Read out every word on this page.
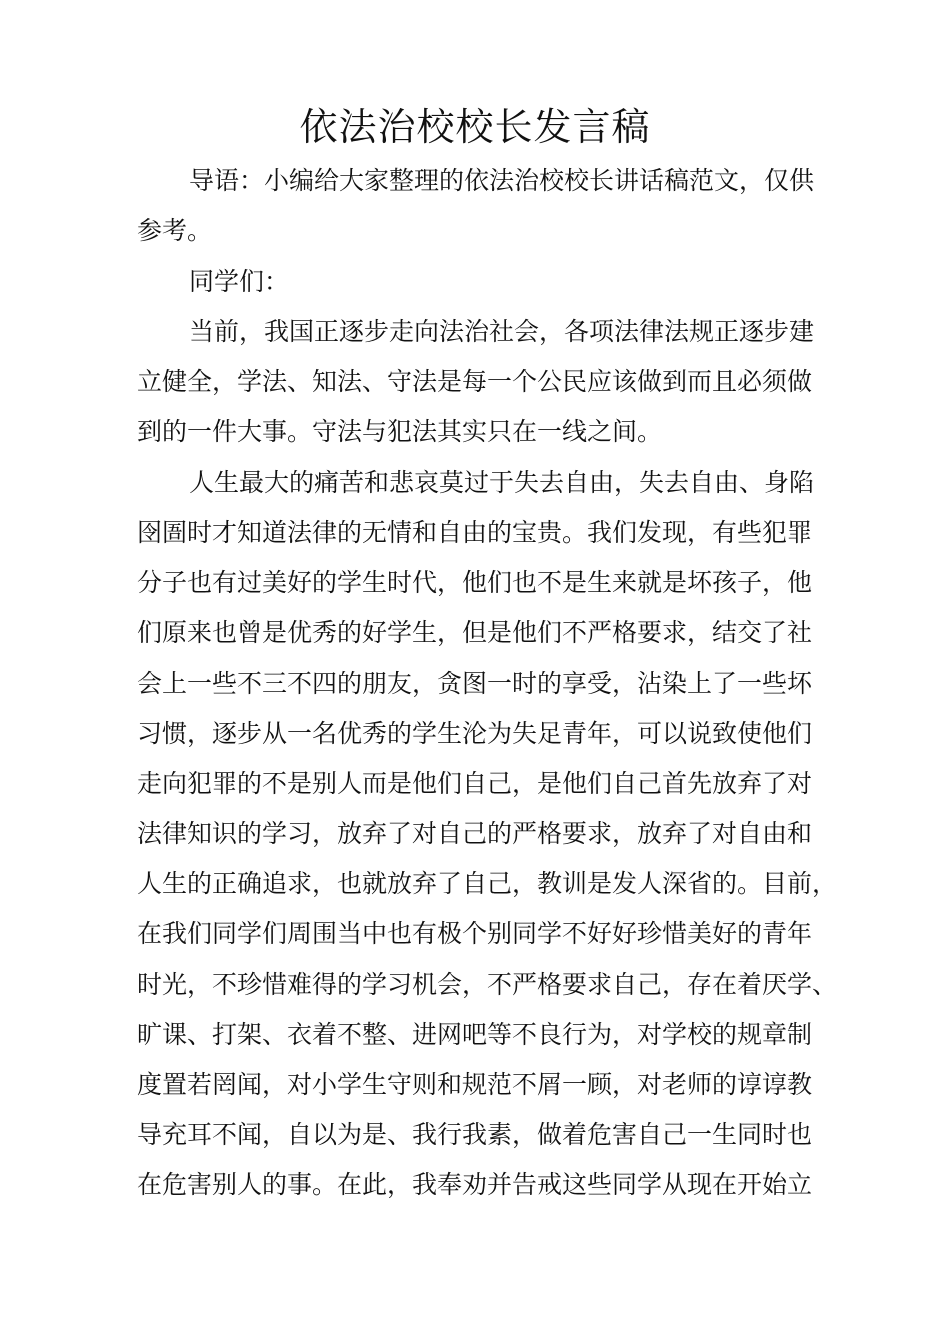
依法治校校长发言稿

导语：小编给大家整理的依法治校校长讲话稿范文，仅供

参考。

同学们：

当前，我国正逐步走向法治社会，各项法律法规正逐步建

立健全，学法、知法、守法是每一个公民应该做到而且必须做

到的一件大事。守法与犯法其实只在一线之间。

人生最大的痛苦和悲哀莫过于失去自由，失去自由、身陷

囹圄时才知道法律的无情和自由的宝贵。我们发现，有些犯罪

分子也有过美好的学生时代，他们也不是生来就是坏孩子，他

们原来也曾是优秀的好学生，但是他们不严格要求，结交了社

会上一些不三不四的朋友，贪图一时的享受，沾染上了一些坏

习惯，逐步从一名优秀的学生沦为失足青年，可以说致使他们

走向犯罪的不是别人而是他们自己，是他们自己首先放弃了对

法律知识的学习，放弃了对自己的严格要求，放弃了对自由和

人生的正确追求，也就放弃了自己，教训是发人深省的。目前，

在我们同学们周围当中也有极个别同学不好好珍惜美好的青年

时光，不珍惜难得的学习机会，不严格要求自己，存在着厌学、

旷课、打架、衣着不整、进网吧等不良行为，对学校的规章制

度置若罔闻，对小学生守则和规范不屑一顾，对老师的谆谆教

导充耳不闻，自以为是、我行我素，做着危害自己一生同时也

在危害别人的事。在此，我奉劝并告戒这些同学从现在开始立
